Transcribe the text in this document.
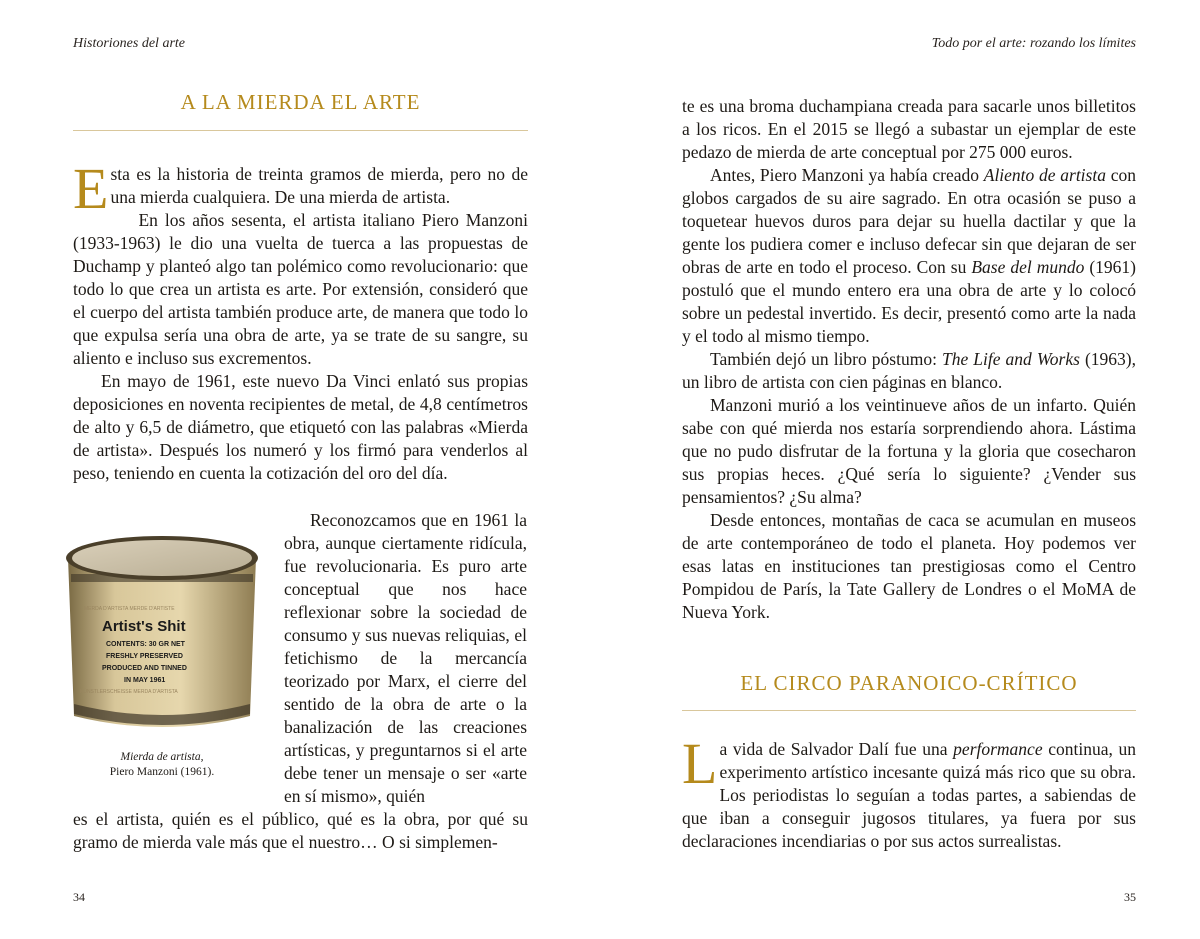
Historiones del arte
A LA MIERDA EL ARTE

Esta es la historia de treinta gramos de mierda, pero no de una mierda cualquiera. De una mierda de artista.

En los años sesenta, el artista italiano Piero Manzoni (1933-1963) le dio una vuelta de tuerca a las propuestas de Duchamp y planteó algo tan polémico como revolucionario: que todo lo que crea un artista es arte. Por extensión, consideró que el cuerpo del artista también produce arte, de manera que todo lo que expulsa sería una obra de arte, ya se trate de su sangre, su aliento e incluso sus excrementos.

En mayo de 1961, este nuevo Da Vinci enlató sus propias deposiciones en noventa recipientes de metal, de 4,8 centímetros de alto y 6,5 de diámetro, que etiquetó con las palabras «Mierda de artista». Después los numeró y los firmó para venderlos al peso, teniendo en cuenta la cotización del oro del día.

MERDA D'ARTISTA MERDE D'ARTISTE
KÜNSTLERSCHEISSE MERDA D'ARTISTA
Artist's Shit
CONTENTS: 30 GR NET
FRESHLY PRESERVED
PRODUCED AND TINNED
IN MAY 1961
Mierda de artista,
Piero Manzoni (1961).

Reconozcamos que en 1961 la obra, aunque ciertamente ridícula, fue revolucionaria. Es puro arte conceptual que nos hace reflexionar sobre la sociedad de consumo y sus nuevas reliquias, el fetichismo de la mercancía teorizado por Marx, el cierre del sentido de la obra de arte o la banalización de las creaciones artísticas, y preguntarnos si el arte debe tener un mensaje o ser «arte en sí mismo», quién

es el artista, quién es el público, qué es la obra, por qué su gramo de mierda vale más que el nuestro… O si simplemen-

34
Todo por el arte: rozando los límites

te es una broma duchampiana creada para sacarle unos billetitos a los ricos. En el 2015 se llegó a subastar un ejemplar de este pedazo de mierda de arte conceptual por 275 000 euros.

Antes, Piero Manzoni ya había creado Aliento de artista con globos cargados de su aire sagrado. En otra ocasión se puso a toquetear huevos duros para dejar su huella dactilar y que la gente los pudiera comer e incluso defecar sin que dejaran de ser obras de arte en todo el proceso. Con su Base del mundo (1961) postuló que el mundo entero era una obra de arte y lo colocó sobre un pedestal invertido. Es decir, presentó como arte la nada y el todo al mismo tiempo.

También dejó un libro póstumo: The Life and Works (1963), un libro de artista con cien páginas en blanco.

Manzoni murió a los veintinueve años de un infarto. Quién sabe con qué mierda nos estaría sorprendiendo ahora. Lástima que no pudo disfrutar de la fortuna y la gloria que cosecharon sus propias heces. ¿Qué sería lo siguiente? ¿Vender sus pensamientos? ¿Su alma?

Desde entonces, montañas de caca se acumulan en museos de arte contemporáneo de todo el planeta. Hoy podemos ver esas latas en instituciones tan prestigiosas como el Centro Pompidou de París, la Tate Gallery de Londres o el MoMA de Nueva York.

EL CIRCO PARANOICO-CRÍTICO

La vida de Salvador Dalí fue una performance continua, un experimento artístico incesante quizá más rico que su obra. Los periodistas lo seguían a todas partes, a sabiendas de que iban a conseguir jugosos titulares, ya fuera por sus declaraciones incendiarias o por sus actos surrealistas.

35
